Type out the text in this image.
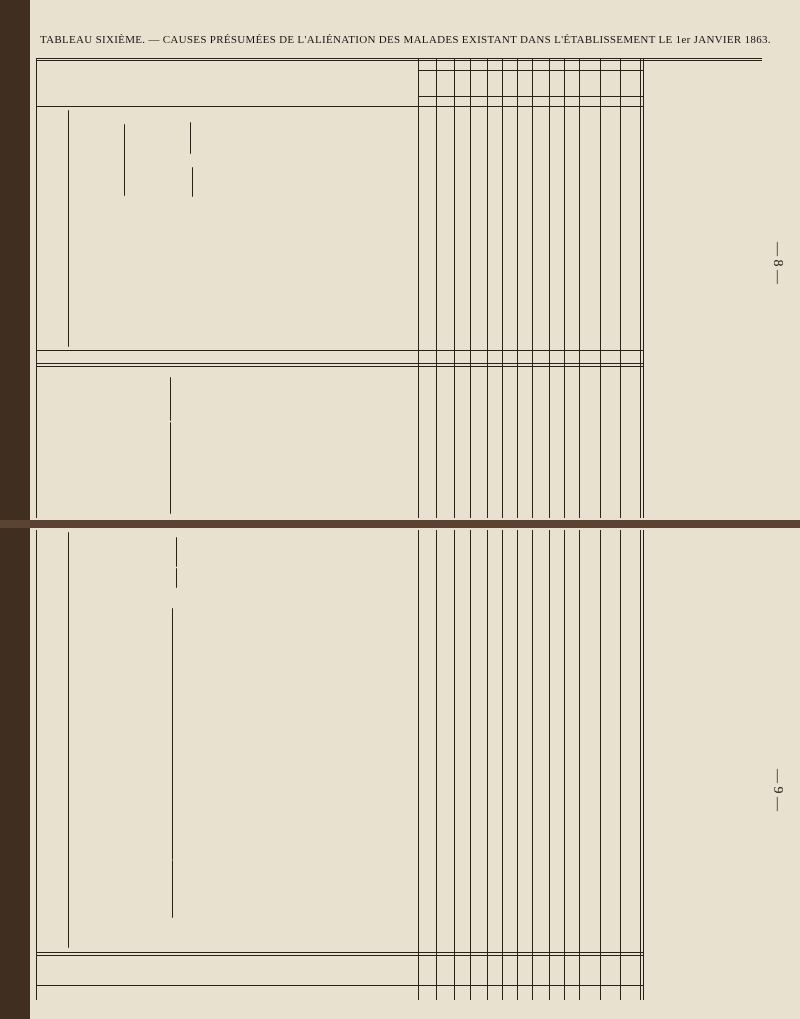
TABLEAU SIXIÈME. — CAUSES PRÉSUMÉES DE L'ALIÉNATION DES MALADES EXISTANT DANS L'ÉTABLISSEMENT LE 1er JANVIER 1863.
— 8 —
— 9 —
